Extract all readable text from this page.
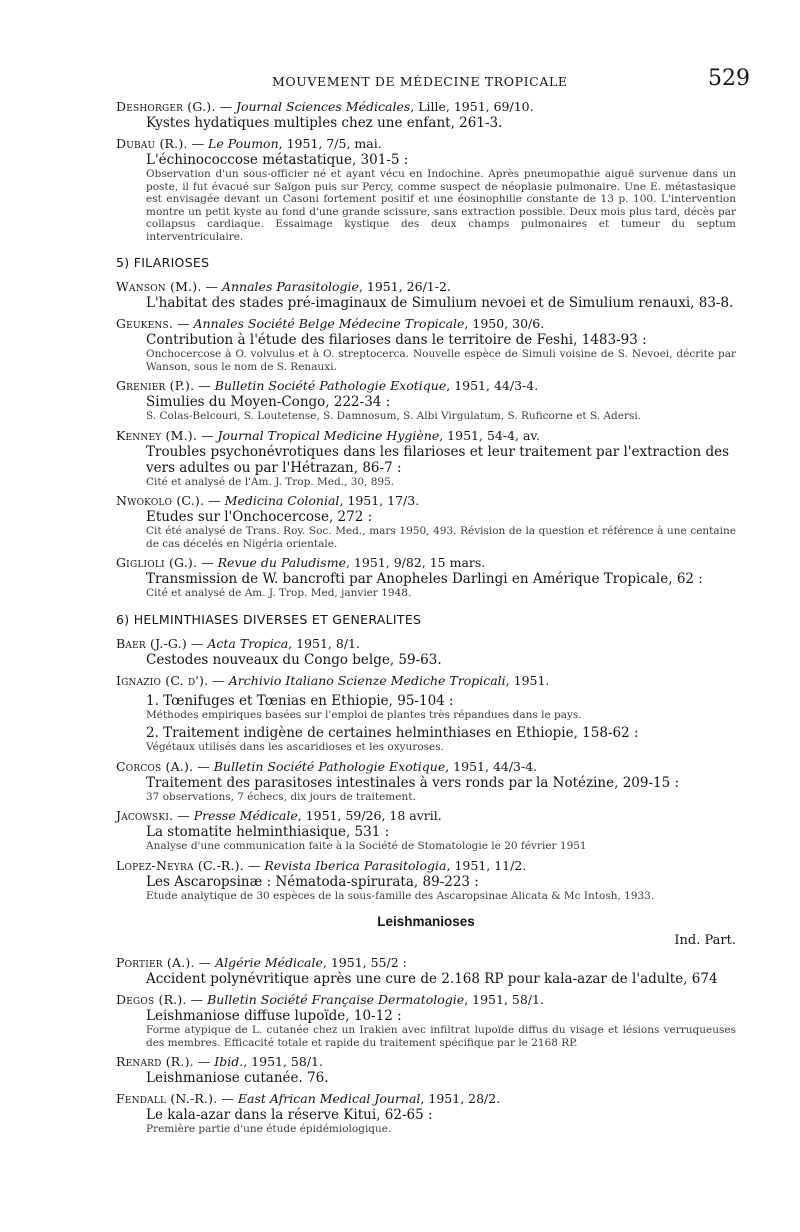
MOUVEMENT DE MÉDECINE TROPICALE	529
Deshorger (G.). — Journal Sciences Médicales, Lille, 1951, 69/10.
Kystes hydatiques multiples chez une enfant, 261-3.
Dubau (R.). — Le Poumon, 1951, 7/5, mai.
L'échinococcose métastatique, 301-5 :
Observation d'un sous-officier né et ayant vécu en Indochine. Après pneumopathie aiguë survenue dans un poste, il fut évacué sur Saïgon puis sur Percy, comme suspect de néoplasie pulmonaire. Une E. métastasique est envisagée devant un Casoni fortement positif et une éosinophilie constante de 13 p. 100. L'intervention montre un petit kyste au fond d'une grande scissure, sans extraction possible. Deux mois plus tard, décès par collapsus cardiaque. Essaimage kystique des deux champs pulmonaires et tumeur du septum interventriculaire.
5) FILARIOSES
Wanson (M.). — Annales Parasitologie, 1951, 26/1-2.
L'habitat des stades pré-imaginaux de Simulium nevoei et de Simulium renauxi, 83-8.
Geukens. — Annales Société Belge Médecine Tropicale, 1950, 30/6.
Contribution à l'étude des filarioses dans le territoire de Feshi, 1483-93 :
Onchocercose à O. volvulus et à O. streptocerca. Nouvelle espèce de Simuli voisine de S. Nevoei, décrite par Wanson, sous le nom de S. Renauxi.
Grenier (P.). — Bulletin Société Pathologie Exotique, 1951, 44/3-4.
Simulies du Moyen-Congo, 222-34 :
S. Colas-Belcouri, S. Loutetense, S. Damnosum, S. Albi Virgulatum, S. Ruficorne et S. Adersi.
Kenney (M.). — Journal Tropical Medicine Hygiène, 1951, 54-4, av.
Troubles psychonévrotiques dans les filarioses et leur traitement par l'extraction des vers adultes ou par l'Hétrazan, 86-7 :
Cité et analysé de l'Am. J. Trop. Med., 30, 895.
Nwokolo (C.). — Medicina Colonial, 1951, 17/3.
Etudes sur l'Onchocercose, 272 :
Cit été analysé de Trans. Roy. Soc. Med., mars 1950, 493. Révision de la question et référence à une centaine de cas décelés en Nigéria orientale.
Giglioli (G.). — Revue du Paludisme, 1951, 9/82, 15 mars.
Transmission de W. bancrofti par Anopheles Darlingi en Amérique Tropicale, 62 :
Cité et analysé de Am. J. Trop. Med, janvier 1948.
6) HELMINTHIASES DIVERSES ET GENERALITES
Baer (J.-G.) — Acta Tropica, 1951, 8/1.
Cestodes nouveaux du Congo belge, 59-63.
Ignazio (C. d'). — Archivio Italiano Scienze Mediche Tropicali, 1951.
1. Tœnifuges et Tœnias en Ethiopie, 95-104 :
Méthodes empiriques basées sur l'emploi de plantes très répandues dans le pays.
2. Traitement indigène de certaines helminthiases en Ethiopie, 158-62 :
Végétaux utilisés dans les ascaridioses et les oxyuroses.
Corcos (A.). — Bulletin Société Pathologie Exotique, 1951, 44/3-4.
Traitement des parasitoses intestinales à vers ronds par la Notézine, 209-15 :
37 observations, 7 échecs, dix jours de traitement.
Jacowski. — Presse Médicale, 1951, 59/26, 18 avril.
La stomatite helminthiasique, 531 :
Analyse d'une communication faite à la Société de Stomatologie le 20 février 1951
Lopez-Neyra (C.-R.). — Revista Iberica Parasitologia, 1951, 11/2.
Les Ascaropsinæ : Nématoda-spirurata, 89-223 :
Etude analytique de 30 espèces de la sous-famille des Ascaropsinae Alicata & Mc Intosh, 1933.
Leishmanioses
Ind. Part.
Portier (A.). — Algérie Médicale, 1951, 55/2 :
Accident polynévritique après une cure de 2.168 RP pour kala-azar de l'adulte, 674
Degos (R.). — Bulletin Société Française Dermatologie, 1951, 58/1.
Leishmaniose diffuse lupoïde, 10-12 :
Forme atypique de L. cutanée chez un Irakien avec infiltrat lupoïde diffus du visage et lésions verruqueuses des membres. Efficacité totale et rapide du traitement spécifique par le 2168 RP.
Renard (R.). — Ibid., 1951, 58/1.
Leishmaniose cutanée. 76.
Fendall (N.-R.). — East African Medical Journal, 1951, 28/2.
Le kala-azar dans la réserve Kitui, 62-65 :
Première partie d'une étude épidémiologique.
